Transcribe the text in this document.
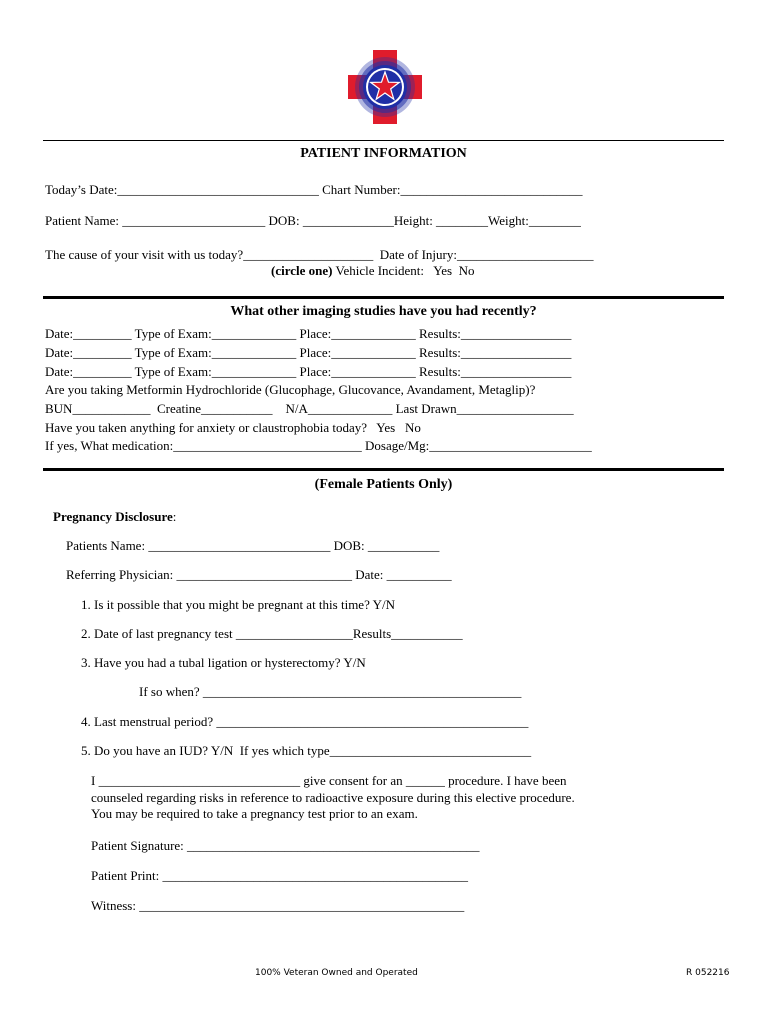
PATIENT INFORMATION
Today’s Date:_______________________________ Chart Number:____________________________
Patient Name: ______________________ DOB: ______________Height: ________Weight:________
The cause of your visit with us today?____________________  Date of Injury:_____________________
(circle one) Vehicle Incident:   Yes  No
What other imaging studies have you had recently?
Date:_________ Type of Exam:_____________ Place:_____________ Results:_________________
Date:_________ Type of Exam:_____________ Place:_____________ Results:_________________
Date:_________ Type of Exam:_____________ Place:_____________ Results:_________________
Are you taking Metformin Hydrochloride (Glucophage, Glucovance, Avandament, Metaglip)?
BUN____________  Creatine___________    N/A_____________ Last Drawn__________________
Have you taken anything for anxiety or claustrophobia today?   Yes   No
If yes, What medication:_____________________________ Dosage/Mg:_________________________
(Female Patients Only)
Pregnancy Disclosure:
Patients Name: ____________________________ DOB: ___________
Referring Physician: ___________________________ Date: __________
1. Is it possible that you might be pregnant at this time? Y/N
2. Date of last pregnancy test __________________Results___________
3. Have you had a tubal ligation or hysterectomy? Y/N
If so when? _________________________________________________
4. Last menstrual period? ________________________________________________
5. Do you have an IUD? Y/N  If yes which type_______________________________
I _______________________________ give consent for an ______ procedure. I have been
counseled regarding risks in reference to radioactive exposure during this elective procedure.
You may be required to take a pregnancy test prior to an exam.
Patient Signature: _____________________________________________
Patient Print: _______________________________________________
Witness: __________________________________________________
100% Veteran Owned and Operated	R 052216
